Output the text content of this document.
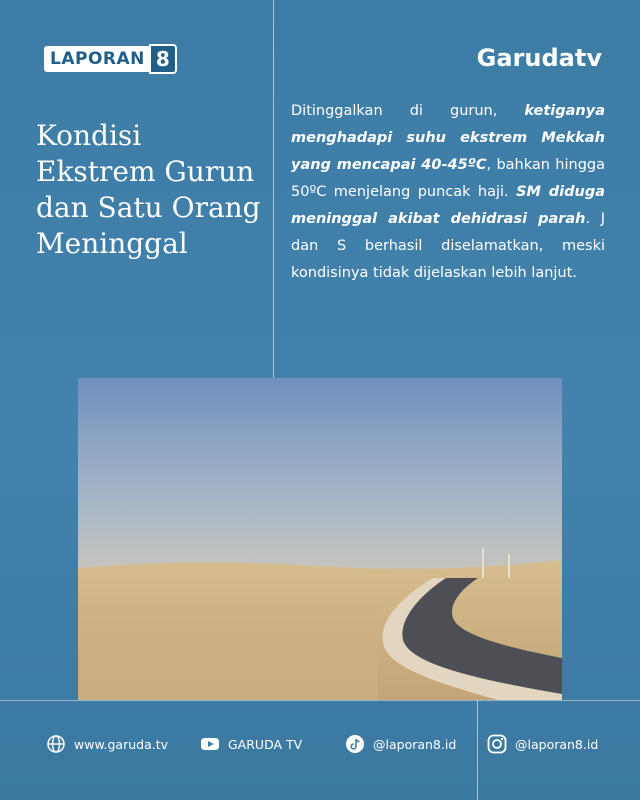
LAPORAN 8	Garudatv
Kondisi
Ekstrem Gurun
dan Satu Orang
Meninggal
Ditinggalkan di gurun, ketiganya menghadapi suhu ekstrem Mekkah yang mencapai 40-45ºC, bahkan hingga 50ºC menjelang puncak haji. SM diduga meninggal akibat dehidrasi parah. J dan S berhasil diselamatkan, meski kondisinya tidak dijelaskan lebih lanjut.
www.garuda.tv	GARUDA TV	@laporan8.id	@laporan8.id
